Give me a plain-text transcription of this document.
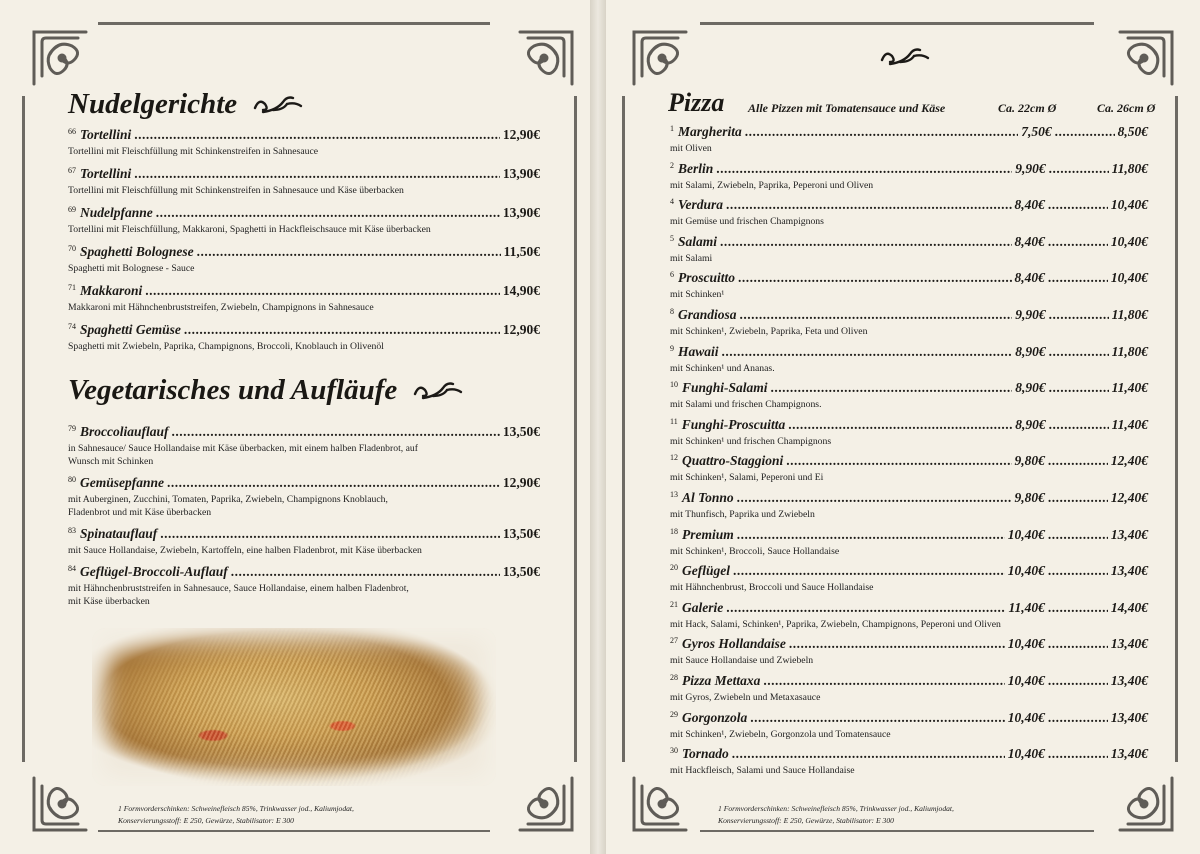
Nudelgerichte
66 Tortellini .....	12,90€
Tortellini mit Fleischfüllung mit Schinkenstreifen in Sahnesauce
67 Tortellini .....	13,90€
Tortellini mit Fleischfüllung mit Schinkenstreifen in Sahnesauce und Käse überbacken
69 Nudelpfanne .....	13,90€
Tortellini mit Fleischfüllung, Makkaroni, Spaghetti in Hackfleischsauce mit Käse überbacken
70 Spaghetti Bolognese .....	11,50€
Spaghetti mit Bolognese - Sauce
71 Makkaroni .....	14,90€
Makkaroni mit Hähnchenbruststreifen, Zwiebeln, Champignons in Sahnesauce
74 Spaghetti Gemüse .....	12,90€
Spaghetti mit Zwiebeln, Paprika, Champignons, Broccoli, Knoblauch in Olivenöl
Vegetarisches und Aufläufe
79 Broccoliauflauf .....	13,50€
in Sahnesauce/ Sauce Hollandaise mit Käse überbacken, mit einem halben Fladenbrot, auf
Wunsch mit Schinken
80 Gemüsepfanne .....	12,90€
mit Auberginen, Zucchini, Tomaten, Paprika, Zwiebeln, Champignons Knoblauch,
Fladenbrot und mit Käse überbacken
83 Spinatauflauf .....	13,50€
mit Sauce Hollandaise, Zwiebeln, Kartoffeln, eine halben Fladenbrot, mit Käse überbacken
84 Geflügel-Broccoli-Auflauf .....	13,50€
mit Hähnchenbruststreifen in Sahnesauce, Sauce Hollandaise, einem halben Fladenbrot,
mit Käse überbacken
1 Formvorderschinken: Schweinefleisch 85%, Trinkwasser jod., Kaliumjodat,
Konservierungsstoff: E 250, Gewürze, Stabilisator: E 300
Pizza Alle Pizzen mit Tomatensauce und Käse	Ca. 22cm Ø	Ca. 26cm Ø
1 Margherita .....	7,50€ .....	8,50€
mit Oliven
2 Berlin .....	9,90€ .....	11,80€
mit Salami, Zwiebeln, Paprika, Peperoni und Oliven
4 Verdura .....	8,40€ .....	10,40€
mit Gemüse und frischen Champignons
5 Salami .....	8,40€ .....	10,40€
mit Salami
6 Proscuitto .....	8,40€ .....	10,40€
mit Schinken¹
8 Grandiosa .....	9,90€ .....	11,80€
mit Schinken¹, Zwiebeln, Paprika, Feta und Oliven
9 Hawaii .....	8,90€ .....	11,80€
mit Schinken¹ und Ananas.
10 Funghi-Salami .....	8,90€ .....	11,40€
mit Salami und frischen Champignons.
11 Funghi-Proscuitta .....	8,90€ .....	11,40€
mit Schinken¹ und frischen Champignons
12 Quattro-Staggioni .....	9,80€ .....	12,40€
mit Schinken¹, Salami, Peperoni und Ei
13 Al Tonno .....	9,80€ .....	12,40€
mit Thunfisch, Paprika und Zwiebeln
18 Premium .....	10,40€ .....	13,40€
mit Schinken¹, Broccoli, Sauce Hollandaise
20 Geflügel .....	10,40€ .....	13,40€
mit Hähnchenbrust, Broccoli und Sauce Hollandaise
21 Galerie .....	11,40€ .....	14,40€
mit Hack, Salami, Schinken¹, Paprika, Zwiebeln, Champignons, Peperoni und Oliven
27 Gyros Hollandaise .....	10,40€ .....	13,40€
mit Sauce Hollandaise und Zwiebeln
28 Pizza Mettaxa .....	10,40€ .....	13,40€
mit Gyros, Zwiebeln und Metaxasauce
29 Gorgonzola .....	10,40€ .....	13,40€
mit Schinken¹, Zwiebeln, Gorgonzola und Tomatensauce
30 Tornado .....	10,40€ .....	13,40€
mit Hackfleisch, Salami und Sauce Hollandaise
1 Formvorderschinken: Schweinefleisch 85%, Trinkwasser jod., Kaliumjodat,
Konservierungsstoff: E 250, Gewürze, Stabilisator: E 300
